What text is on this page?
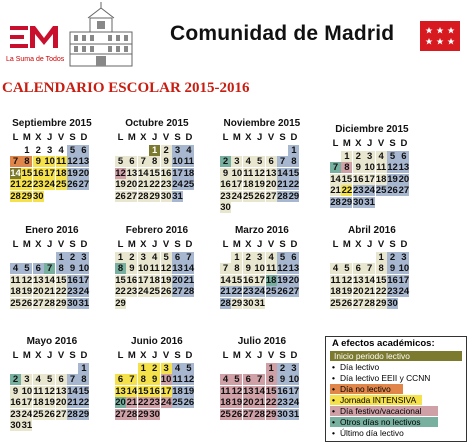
La Suma de Todos
Comunidad de Madrid
CALENDARIO ESCOLAR 2015-2016
Septiembre 2015
L M X J V S D
1 2 3 4 5 6
7 8 9 10 11 12 13
14 15 16 17 18 19 20
21 22 23 24 25 26 27
28 29 30
Octubre 2015
L M X J V S D
1 2 3 4
5 6 7 8 9 10 11
12 13 14 15 16 17 18
19 20 21 22 23 24 25
26 27 28 29 30 31
Noviembre 2015
L M X J V S D
1
2 3 4 5 6 7 8
9 10 11 12 13 14 15
16 17 18 19 20 21 22
23 24 25 26 27 28 29
30
Diciembre 2015
L M X J V S D
1 2 3 4 5 6
7 8 9 10 11 12 13
14 15 16 17 18 19 20
21 22 23 24 25 26 27
28 29 30 31
Enero 2016
L M X J V S D
1 2 3
4 5 6 7 8 9 10
11 12 13 14 15 16 17
18 19 20 21 22 23 24
25 26 27 28 29 30 31
Febrero 2016
L M X J V S D
1 2 3 4 5 6 7
8 9 10 11 12 13 14
15 16 17 18 19 20 21
22 23 24 25 26 27 28
29
Marzo 2016
L M X J V S D
1 2 3 4 5 6
7 8 9 10 11 12 13
14 15 16 17 18 19 20
21 22 23 24 25 26 27
28 29 30 31
Abril 2016
L M X J V S D
1 2 3
4 5 6 7 8 9 10
11 12 13 14 15 16 17
18 19 20 21 22 23 24
25 26 27 28 29 30
Mayo 2016
L M X J V S D
1
2 3 4 5 6 7 8
9 10 11 12 13 14 15
16 17 18 19 20 21 22
23 24 25 26 27 28 29
30 31
Junio 2016
L M X J V S D
1 2 3 4 5
6 7 8 9 10 11 12
13 14 15 16 17 18 19
20 21 22 23 24 25 26
27 28 29 30
Julio 2016
L M X J V S D
1 2 3
4 5 6 7 8 9 10
11 12 13 14 15 16 17
18 19 20 21 22 23 24
25 26 27 28 29 30 31
A efectos académicos:
Inicio periodo lectivo
• Día lectivo
• Día lectivo EEII y CCNN
• Día no lectivo
• Jornada INTENSIVA
• Día festivo/vacacional
• Otros días no lectivos
• Último día lectivo
